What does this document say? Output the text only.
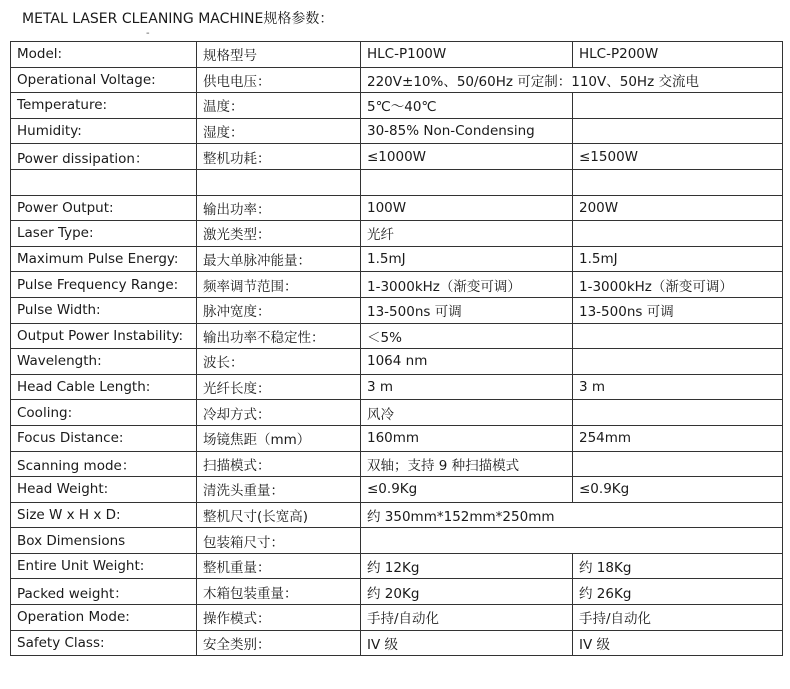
METAL LASER CLEANING MACHINE规格参数：
-
Model:	规格型号	HLC-P100W	HLC-P200W
Operational Voltage:	供电电压：	220V±10%、50/60Hz 可定制：110V、50Hz 交流电	
Temperature:	温度：	5℃～40℃	
Humidity:	湿度：	30-85% Non-Condensing	
Power dissipation：	整机功耗：	≤1000W	≤1500W

Power Output:	输出功率：	100W	200W
Laser Type:	激光类型：	光纤	
Maximum Pulse Energy:	最大单脉冲能量：	1.5mJ	1.5mJ
Pulse Frequency Range:	频率调节范围：	1-3000kHz（渐变可调）	1-3000kHz（渐变可调）
Pulse Width:	脉冲宽度：	13-500ns 可调	13-500ns 可调
Output Power Instability:	输出功率不稳定性：	＜5%	
Wavelength:	波长：	1064 nm	
Head Cable Length:	光纤长度：	3 m	3 m
Cooling:	冷却方式：	风冷	
Focus Distance:	场镜焦距（mm）	160mm	254mm
Scanning mode：	扫描模式：	双轴；支持 9 种扫描模式	
Head Weight:	清洗头重量：	≤0.9Kg	≤0.9Kg
Size W x H x D:	整机尺寸(长宽高)	约 350mm*152mm*250mm	
Box Dimensions	包装箱尺寸：		
Entire Unit Weight:	整机重量：	约 12Kg	约 18Kg
Packed weight：	木箱包装重量：	约 20Kg	约 26Kg
Operation Mode:	操作模式：	手持/自动化	手持/自动化
Safety Class:	安全类别：	IV 级	IV 级
